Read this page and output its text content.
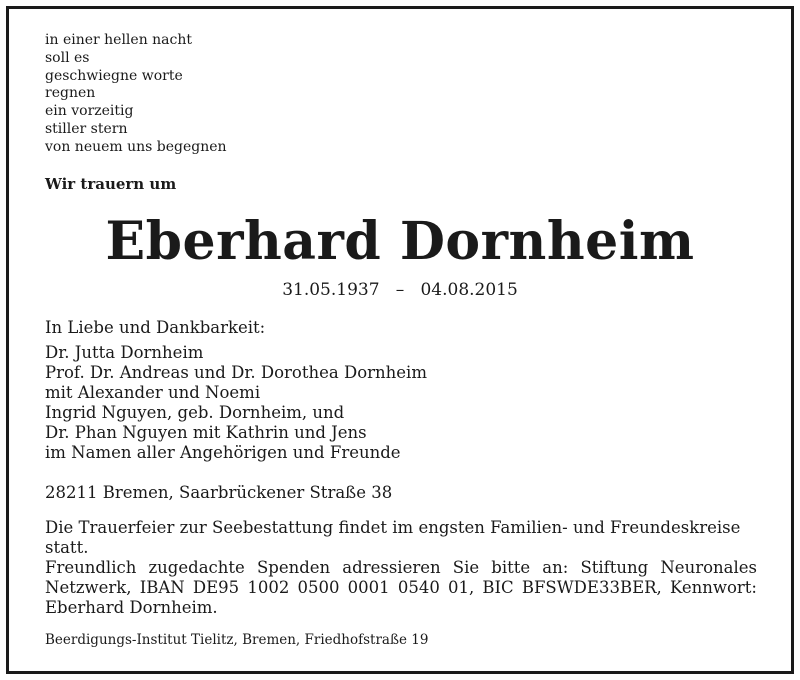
in einer hellen nacht
soll es
geschwiegne worte
regnen
ein vorzeitig
stiller stern
von neuem uns begegnen
Wir trauern um
Eberhard Dornheim
31.05.1937   –   04.08.2015
In Liebe und Dankbarkeit:
Dr. Jutta Dornheim
Prof. Dr. Andreas und Dr. Dorothea Dornheim
mit Alexander und Noemi
Ingrid Nguyen, geb. Dornheim, und
Dr. Phan Nguyen mit Kathrin und Jens
im Namen aller Angehörigen und Freunde
28211 Bremen, Saarbrückener Straße 38
Die Trauerfeier zur Seebestattung findet im engsten Familien- und Freundeskreise statt.
Freundlich zugedachte Spenden adressieren Sie bitte an: Stiftung Neuronales Netzwerk, IBAN DE95 1002 0500 0001 0540 01, BIC BFSWDE33BER, Kennwort: Eberhard Dornheim.
Beerdigungs-Institut Tielitz, Bremen, Friedhofstraße 19
